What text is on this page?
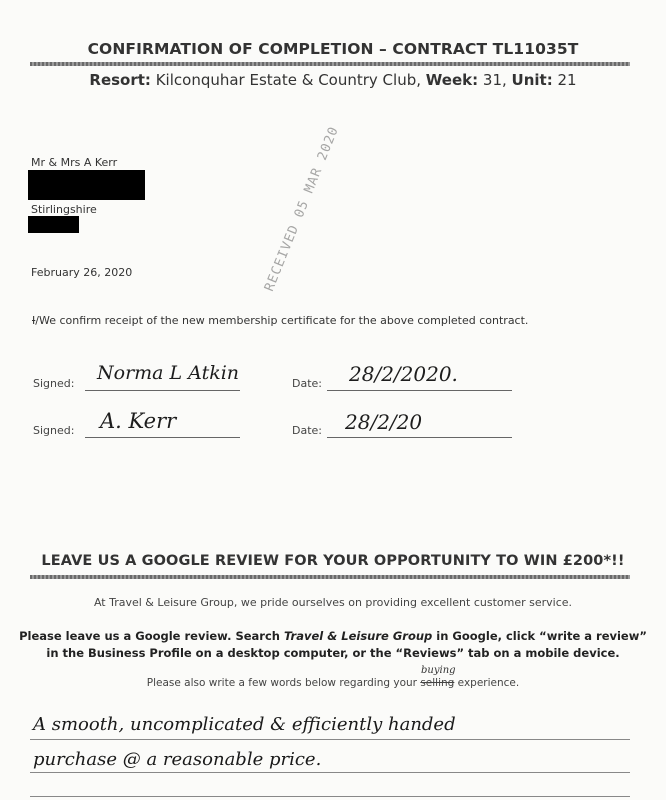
CONFIRMATION OF COMPLETION – CONTRACT TL11035T
Resort: Kilconquhar Estate & Country Club, Week: 31, Unit: 21
Mr & Mrs A Kerr
Stirlingshire
February 26, 2020	RECEIVED 05 MAR 2020
I/We confirm receipt of the new membership certificate for the above completed contract.
Signed: Norma L Atkin	Date: 28/2/2020.
Signed: A. Kerr	Date: 28/2/20
LEAVE US A GOOGLE REVIEW FOR YOUR OPPORTUNITY TO WIN £200*!!
At Travel & Leisure Group, we pride ourselves on providing excellent customer service.
Please leave us a Google review. Search Travel & Leisure Group in Google, click “write a review”
in the Business Profile on a desktop computer, or the “Reviews” tab on a mobile device.
buying
Please also write a few words below regarding your selling experience.
A smooth, uncomplicated & efficiently handed
purchase @ a reasonable price.
